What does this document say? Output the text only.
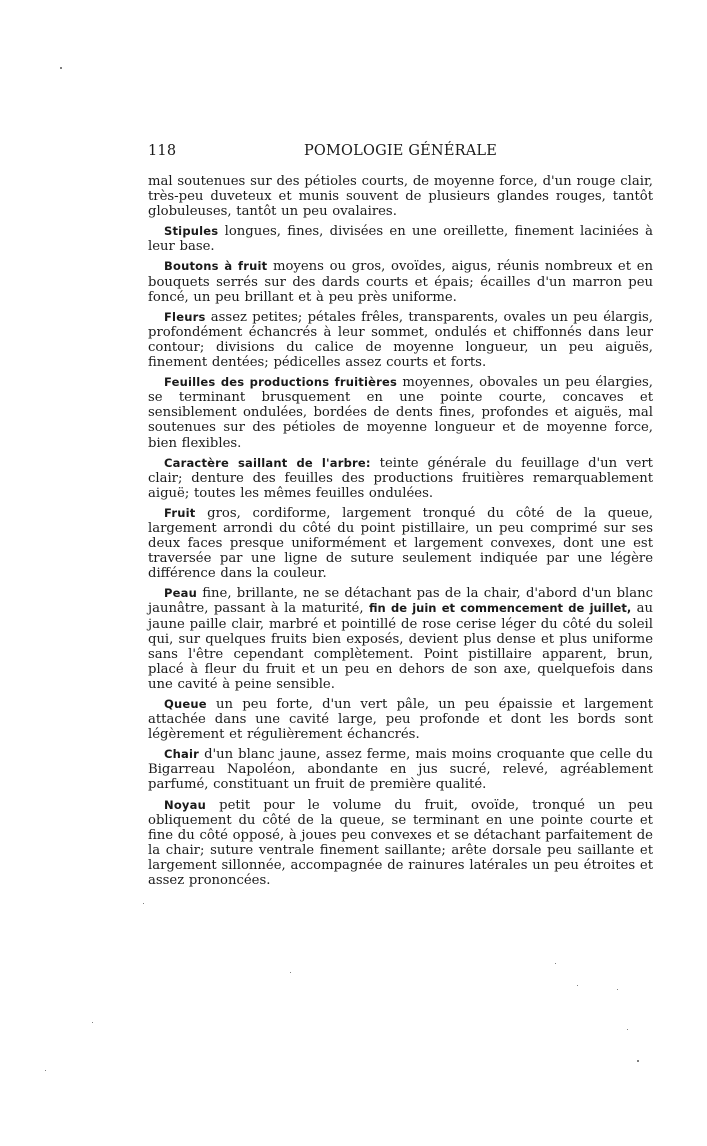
118	POMOLOGIE GÉNÉRALE

mal soutenues sur des pétioles courts, de moyenne force, d'un rouge clair, très-peu duveteux et munis souvent de plusieurs glandes rouges, tantôt globuleuses, tantôt un peu ovalaires.

Stipules longues, fines, divisées en une oreillette, finement laciniées à leur base.

Boutons à fruit moyens ou gros, ovoïdes, aigus, réunis nombreux et en bouquets serrés sur des dards courts et épais; écailles d'un marron peu foncé, un peu brillant et à peu près uniforme.

Fleurs assez petites; pétales frêles, transparents, ovales un peu élargis, profondément échancrés à leur sommet, ondulés et chiffonnés dans leur contour; divisions du calice de moyenne longueur, un peu aiguës, finement dentées; pédicelles assez courts et forts.

Feuilles des productions fruitières moyennes, obovales un peu élargies, se terminant brusquement en une pointe courte, concaves et sensiblement ondulées, bordées de dents fines, profondes et aiguës, mal soutenues sur des pétioles de moyenne longueur et de moyenne force, bien flexibles.

Caractère saillant de l'arbre: teinte générale du feuillage d'un vert clair; denture des feuilles des productions fruitières remarquablement aiguë; toutes les mêmes feuilles ondulées.

Fruit gros, cordiforme, largement tronqué du côté de la queue, largement arrondi du côté du point pistillaire, un peu comprimé sur ses deux faces presque uniformément et largement convexes, dont une est traversée par une ligne de suture seulement indiquée par une légère différence dans la couleur.

Peau fine, brillante, ne se détachant pas de la chair, d'abord d'un blanc jaunâtre, passant à la maturité, fin de juin et commencement de juillet, au jaune paille clair, marbré et pointillé de rose cerise léger du côté du soleil qui, sur quelques fruits bien exposés, devient plus dense et plus uniforme sans l'être cependant complètement. Point pistillaire apparent, brun, placé à fleur du fruit et un peu en dehors de son axe, quelquefois dans une cavité à peine sensible.

Queue un peu forte, d'un vert pâle, un peu épaissie et largement attachée dans une cavité large, peu profonde et dont les bords sont légèrement et régulièrement échancrés.

Chair d'un blanc jaune, assez ferme, mais moins croquante que celle du Bigarreau Napoléon, abondante en jus sucré, relevé, agréablement parfumé, constituant un fruit de première qualité.

Noyau petit pour le volume du fruit, ovoïde, tronqué un peu obliquement du côté de la queue, se terminant en une pointe courte et fine du côté opposé, à joues peu convexes et se détachant parfaitement de la chair; suture ventrale finement saillante; arête dorsale peu saillante et largement sillonnée, accompagnée de rainures latérales un peu étroites et assez prononcées.
